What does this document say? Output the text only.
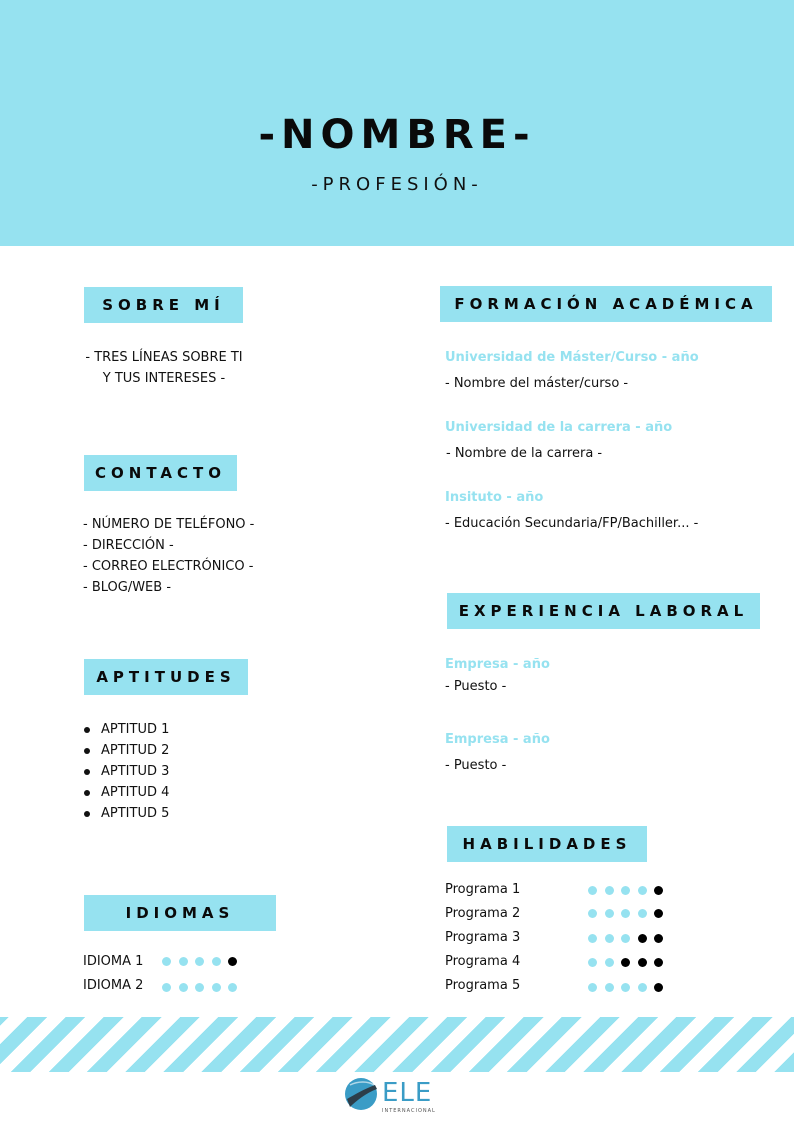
-NOMBRE-
-PROFESIÓN-
SOBRE MÍ
- TRES LÍNEAS SOBRE TI
Y TUS INTERESES -
CONTACTO
- NÚMERO DE TELÉFONO -
- DIRECCIÓN -
- CORREO ELECTRÓNICO -
- BLOG/WEB -
APTITUDES
APTITUD 1
APTITUD 2
APTITUD 3
APTITUD 4
APTITUD 5
IDIOMAS
IDIOMA 1
IDIOMA 2
FORMACIÓN ACADÉMICA
Universidad de Máster/Curso - año
- Nombre del máster/curso -
Universidad de la carrera - año
- Nombre de la carrera -
Insituto - año
- Educación Secundaria/FP/Bachiller... -
EXPERIENCIA LABORAL
Empresa - año
- Puesto -
Empresa - año
- Puesto -
HABILIDADES
Programa 1
Programa 2
Programa 3
Programa 4
Programa 5
ELE
INTERNACIONAL
